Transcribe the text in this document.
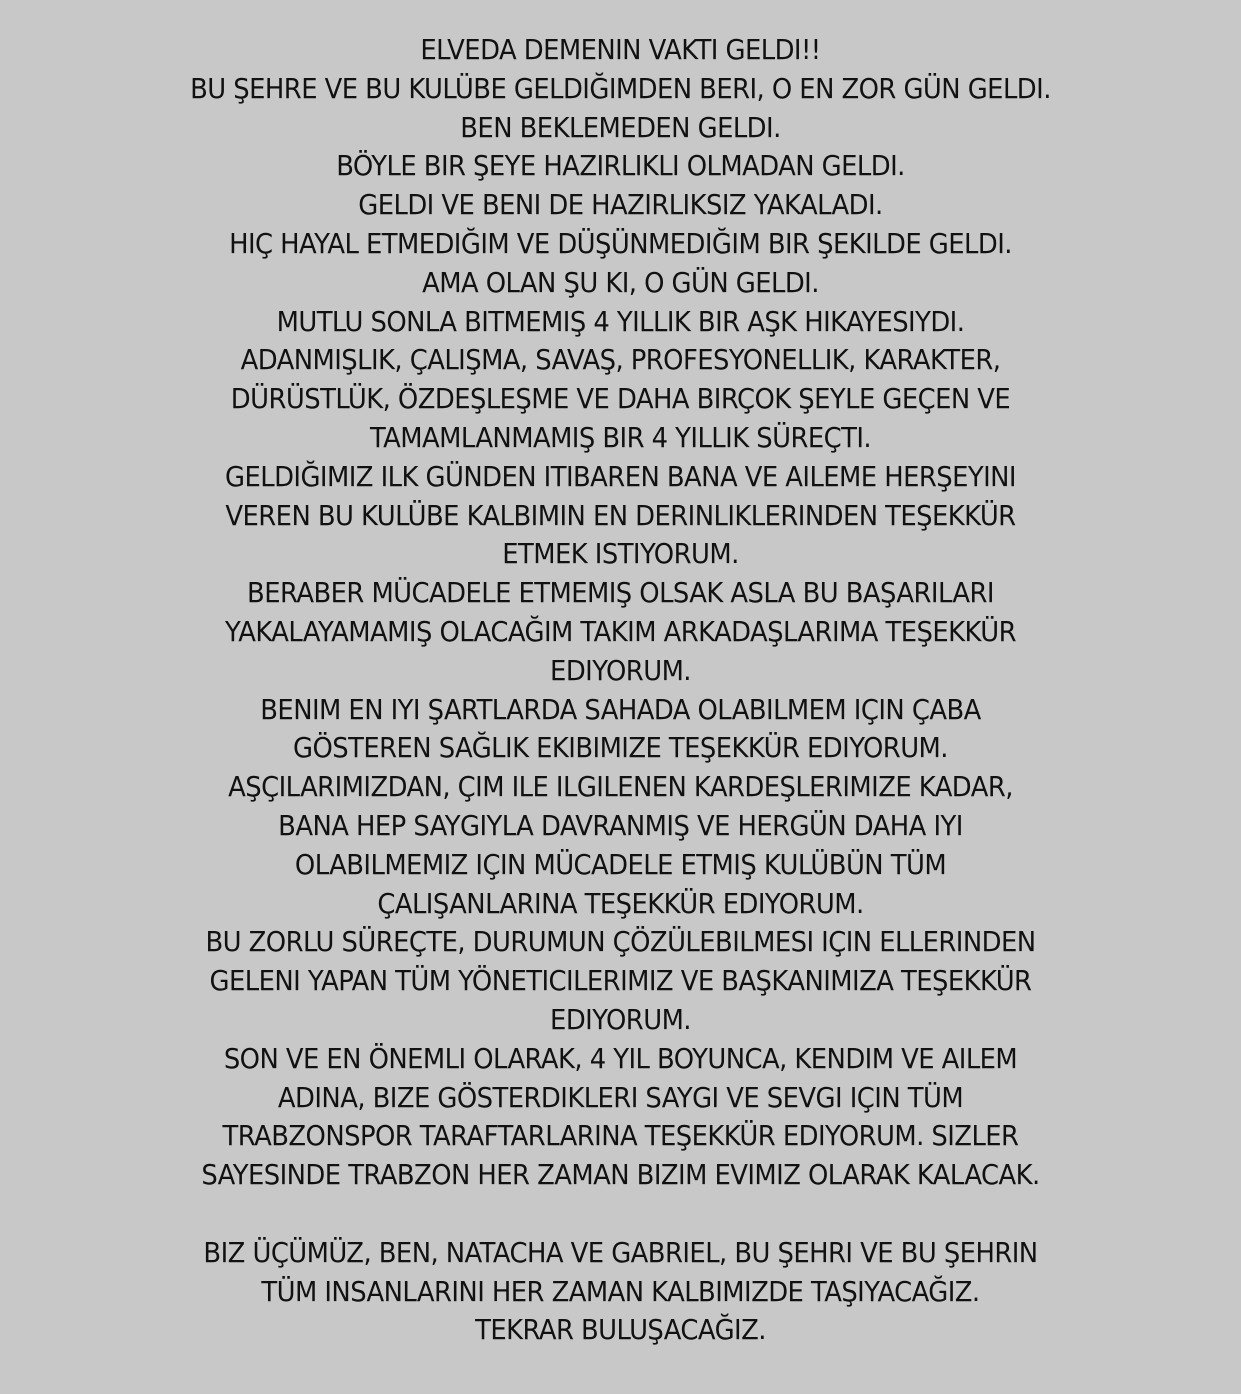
ELVEDA DEMENIN VAKTI GELDI!!
BU ŞEHRE VE BU KULÜBE GELDIĞIMDEN BERI, O EN ZOR GÜN GELDI.
BEN BEKLEMEDEN GELDI.
BÖYLE BIR ŞEYE HAZIRLIKLI OLMADAN GELDI.
GELDI VE BENI DE HAZIRLIKSIZ YAKALADI.
HIÇ HAYAL ETMEDIĞIM VE DÜŞÜNMEDIĞIM BIR ŞEKILDE GELDI.
AMA OLAN ŞU KI, O GÜN GELDI.
MUTLU SONLA BITMEMIŞ 4 YILLIK BIR AŞK HIKAYESIYDI.
ADANMIŞLIK, ÇALIŞMA, SAVAŞ, PROFESYONELLIK, KARAKTER,
DÜRÜSTLÜK, ÖZDEŞLEŞME VE DAHA BIRÇOK ŞEYLE GEÇEN VE
TAMAMLANMAMIŞ BIR 4 YILLIK SÜREÇTI.
GELDIĞIMIZ ILK GÜNDEN ITIBAREN BANA VE AILEME HERŞEYINI
VEREN BU KULÜBE KALBIMIN EN DERINLIKLERINDEN TEŞEKKÜR
ETMEK ISTIYORUM.
BERABER MÜCADELE ETMEMIŞ OLSAK ASLA BU BAŞARILARI
YAKALAYAMAMIŞ OLACAĞIM TAKIM ARKADAŞLARIMA TEŞEKKÜR
EDIYORUM.
BENIM EN IYI ŞARTLARDA SAHADA OLABILMEM IÇIN ÇABA
GÖSTEREN SAĞLIK EKIBIMIZE TEŞEKKÜR EDIYORUM.
AŞÇILARIMIZDAN, ÇIM ILE ILGILENEN KARDEŞLERIMIZE KADAR,
BANA HEP SAYGIYLA DAVRANMIŞ VE HERGÜN DAHA IYI
OLABILMEMIZ IÇIN MÜCADELE ETMIŞ KULÜBÜN TÜM
ÇALIŞANLARINA TEŞEKKÜR EDIYORUM.
BU ZORLU SÜREÇTE, DURUMUN ÇÖZÜLEBILMESI IÇIN ELLERINDEN
GELENI YAPAN TÜM YÖNETICILERIMIZ VE BAŞKANIMIZA TEŞEKKÜR
EDIYORUM.
SON VE EN ÖNEMLI OLARAK, 4 YIL BOYUNCA, KENDIM VE AILEM
ADINA, BIZE GÖSTERDIKLERI SAYGI VE SEVGI IÇIN TÜM
TRABZONSPOR TARAFTARLARINA TEŞEKKÜR EDIYORUM. SIZLER
SAYESINDE TRABZON HER ZAMAN BIZIM EVIMIZ OLARAK KALACAK.
BIZ ÜÇÜMÜZ, BEN, NATACHA VE GABRIEL, BU ŞEHRI VE BU ŞEHRIN
TÜM INSANLARINI HER ZAMAN KALBIMIZDE TAŞIYACAĞIZ.
TEKRAR BULUŞACAĞIZ.
